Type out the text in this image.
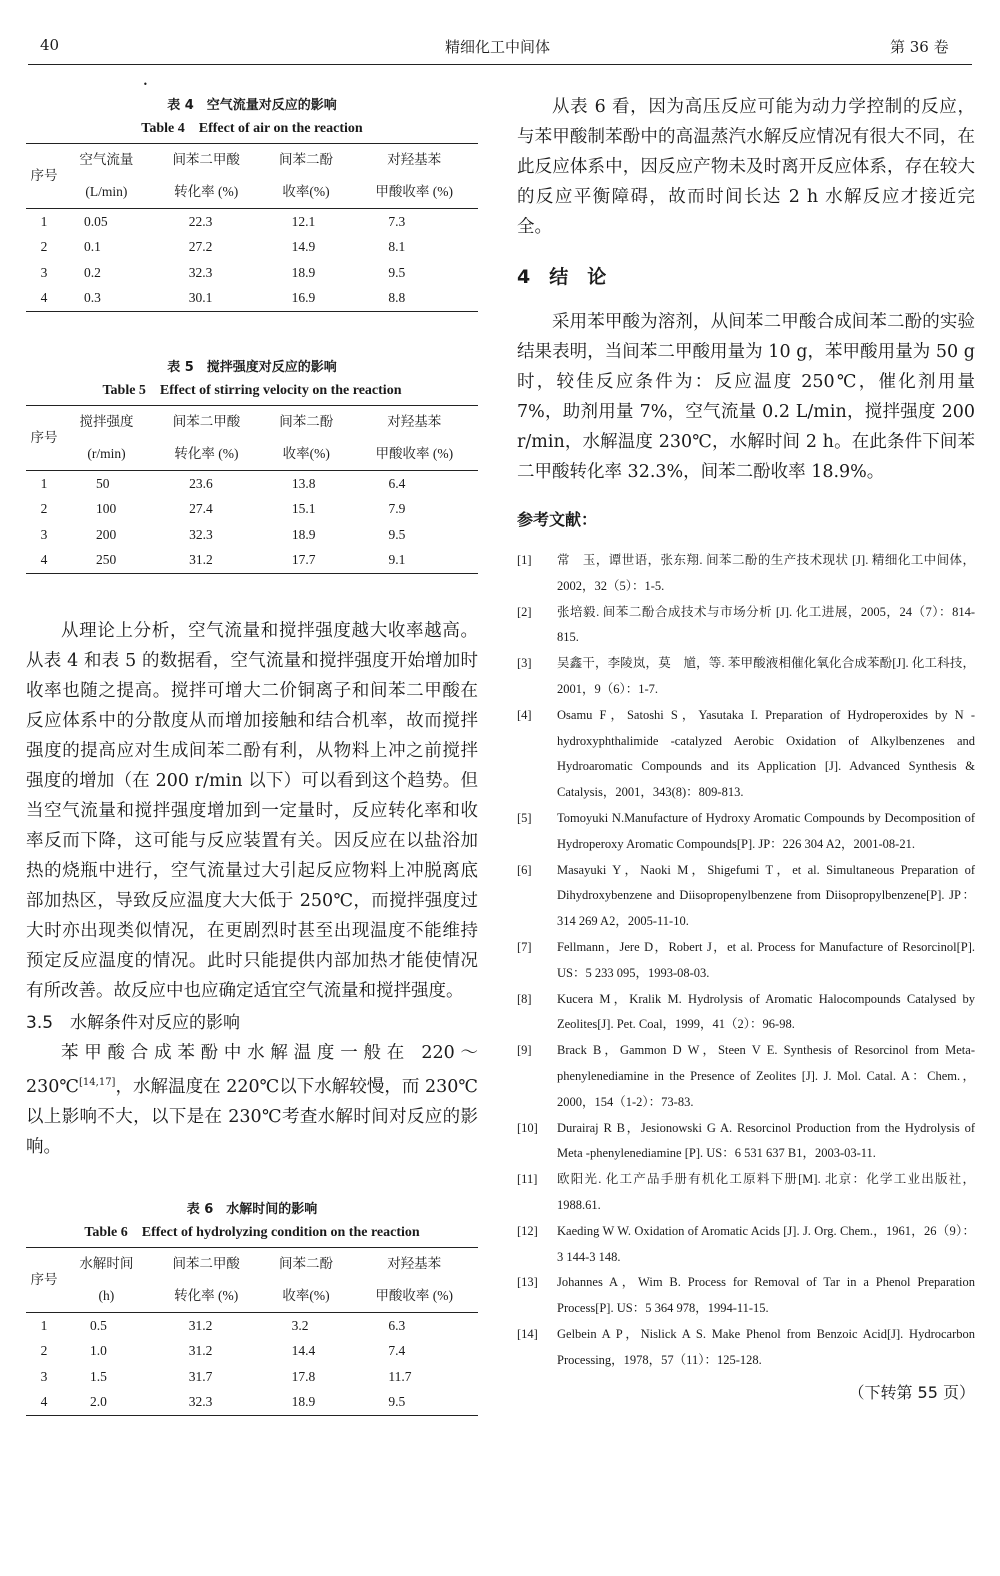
40	精细化工中间体	第 36 卷
•

表 4　空气流量对反应的影响

Table 4　Effect of air on the reaction

序号	空气流量	间苯二甲酸	间苯二酚	对羟基苯
	(L/min)	转化率 (%)	收率(%)	甲酸收率 (%)
1	0.05	22.3	12.1	7.3
2	0.1	27.2	14.9	8.1
3	0.2	32.3	18.9	9.5
4	0.3	30.1	16.9	8.8

表 5　搅拌强度对反应的影响

Table 5　Effect of stirring velocity on the reaction

序号	搅拌强度	间苯二甲酸	间苯二酚	对羟基苯
	(r/min)	转化率 (%)	收率(%)	甲酸收率 (%)
1	50	23.6	13.8	6.4
2	100	27.4	15.1	7.9
3	200	32.3	18.9	9.5
4	250	31.2	17.7	9.1

从理论上分析，空气流量和搅拌强度越大收率越高。从表 4 和表 5 的数据看，空气流量和搅拌强度开始增加时收率也随之提高。搅拌可增大二价铜离子和间苯二甲酸在反应体系中的分散度从而增加接触和结合机率，故而搅拌强度的提高应对生成间苯二酚有利，从物料上冲之前搅拌强度的增加（在 200 r/min 以下）可以看到这个趋势。但当空气流量和搅拌强度增加到一定量时，反应转化率和收率反而下降，这可能与反应装置有关。因反应在以盐浴加热的烧瓶中进行，空气流量过大引起反应物料上冲脱离底部加热区，导致反应温度大大低于 250℃，而搅拌强度过大时亦出现类似情况，在更剧烈时甚至出现温度不能维持预定反应温度的情况。此时只能提供内部加热才能使情况有所改善。故反应中也应确定适宜空气流量和搅拌强度。

3.5　水解条件对反应的影响

苯甲酸合成苯酚中水解温度一般在 220～230℃[14,17]，水解温度在 220℃以下水解较慢，而 230℃以上影响不大，以下是在 230℃考查水解时间对反应的影响。

表 6　水解时间的影响

Table 6　Effect of hydrolyzing condition on the reaction

序号	水解时间	间苯二甲酸	间苯二酚	对羟基苯
	(h)	转化率 (%)	收率(%)	甲酸收率 (%)
1	0.5	31.2	3.2	6.3
2	1.0	31.2	14.4	7.4
3	1.5	31.7	17.8	11.7
4	2.0	32.3	18.9	9.5

从表 6 看，因为高压反应可能为动力学控制的反应，与苯甲酸制苯酚中的高温蒸汽水解反应情况有很大不同，在此反应体系中，因反应产物未及时离开反应体系，存在较大的反应平衡障碍，故而时间长达 2 h 水解反应才接近完全。

4　结　论

采用苯甲酸为溶剂，从间苯二甲酸合成间苯二酚的实验结果表明，当间苯二甲酸用量为 10 g，苯甲酸用量为 50 g 时，较佳反应条件为：反应温度 250℃，催化剂用量 7%，助剂用量 7%，空气流量 0.2 L/min，搅拌强度 200 r/min，水解温度 230℃，水解时间 2 h。在此条件下间苯二甲酸转化率 32.3%，间苯二酚收率 18.9%。

参考文献：

[1]	常　玉，谭世语，张东翔. 间苯二酚的生产技术现状 [J]. 精细化工中间体，2002，32（5）：1-5.
[2]	张培毅. 间苯二酚合成技术与市场分析 [J]. 化工进展，2005，24（7）：814-815.
[3]	吴鑫干，李陵岚，莫　馗，等. 苯甲酸液相催化氧化合成苯酚[J]. 化工科技，2001，9（6）：1-7.
[4]	Osamu F，Satoshi S，Yasutaka I. Preparation of Hydroperoxides by N -hydroxyphthalimide -catalyzed Aerobic Oxidation of Alkylbenzenes and Hydroaromatic Compounds and its Application [J]. Advanced Synthesis & Catalysis，2001，343(8)：809-813.
[5]	Tomoyuki N.Manufacture of Hydroxy Aromatic Compounds by Decomposition of Hydroperoxy Aromatic Compounds[P]. JP：226 304 A2，2001-08-21.
[6]	Masayuki Y，Naoki M，Shigefumi T，et al. Simultaneous Preparation of Dihydroxybenzene and Diisopropenylbenzene from Diisopropylbenzene[P]. JP：314 269 A2，2005-11-10.
[7]	Fellmann，Jere D，Robert J，et al. Process for Manufacture of Resorcinol[P]. US：5 233 095，1993-08-03.
[8]	Kucera M，Kralik M. Hydrolysis of Aromatic Halocompounds Catalysed by Zeolites[J]. Pet. Coal，1999，41（2）：96-98.
[9]	Brack B，Gammon D W，Steen V E. Synthesis of Resorcinol from Meta-phenylenediamine in the Presence of Zeolites [J]. J. Mol. Catal. A：Chem.，2000，154（1-2）：73-83.
[10]	Durairaj R B，Jesionowski G A. Resorcinol Production from the Hydrolysis of Meta -phenylenediamine [P]. US：6 531 637 B1，2003-03-11.
[11]	欧阳光. 化工产品手册有机化工原料下册[M]. 北京：化学工业出版社，1988.61.
[12]	Kaeding W W. Oxidation of Aromatic Acids [J]. J. Org. Chem.，1961，26（9）：3 144-3 148.
[13]	Johannes A，Wim B. Process for Removal of Tar in a Phenol Preparation Process[P]. US：5 364 978，1994-11-15.
[14]	Gelbein A P，Nislick A S. Make Phenol from Benzoic Acid[J]. Hydrocarbon Processing，1978，57（11）：125-128.

（下转第 55 页）
